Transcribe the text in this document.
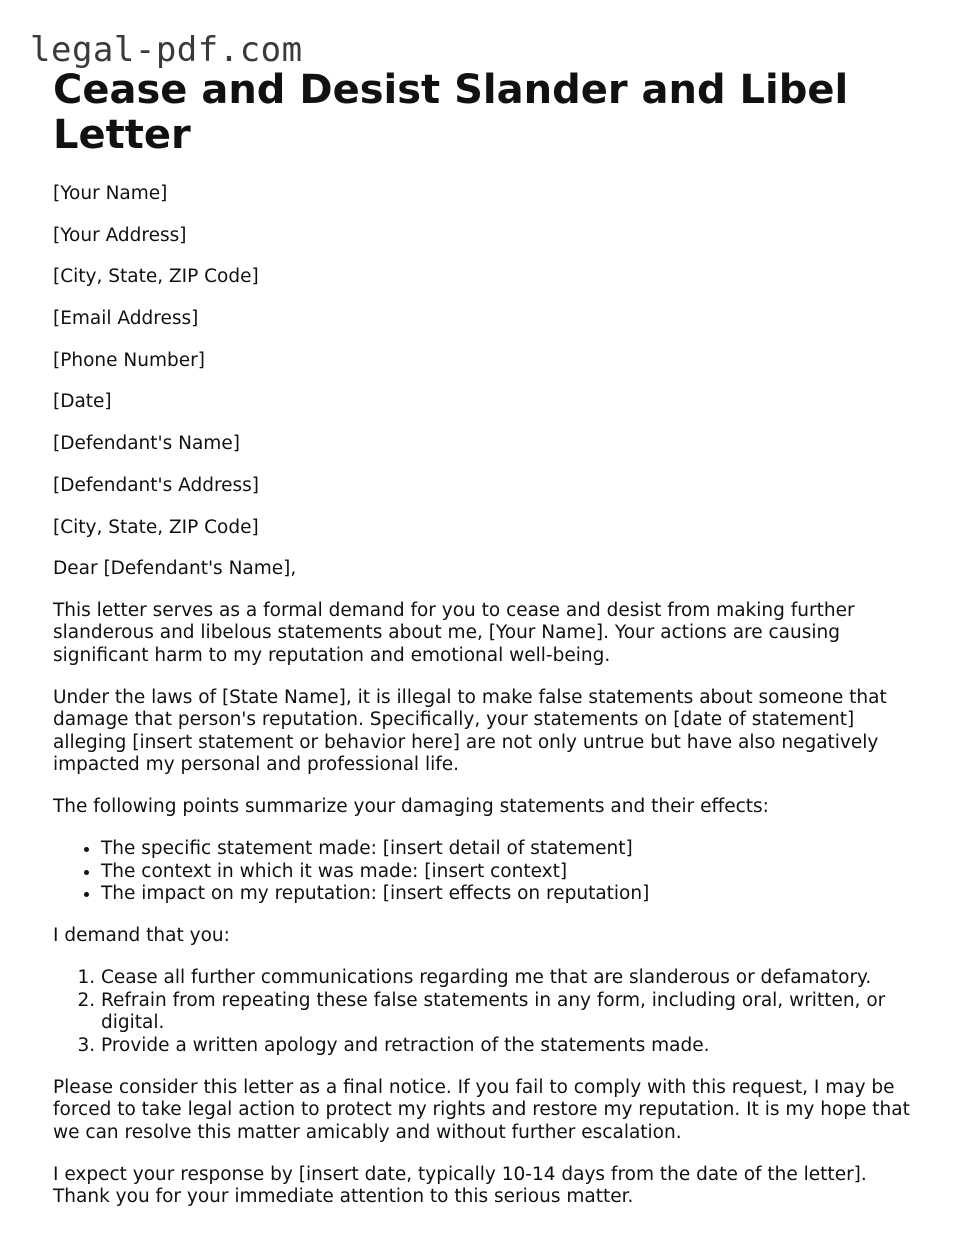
legal-pdf.com
Cease and Desist Slander and Libel Letter
[Your Name]
[Your Address]
[City, State, ZIP Code]
[Email Address]
[Phone Number]
[Date]
[Defendant's Name]
[Defendant's Address]
[City, State, ZIP Code]
Dear [Defendant's Name],

This letter serves as a formal demand for you to cease and desist from making further slanderous and libelous statements about me, [Your Name]. Your actions are causing significant harm to my reputation and emotional well-being.

Under the laws of [State Name], it is illegal to make false statements about someone that damage that person's reputation. Specifically, your statements on [date of statement] alleging [insert statement or behavior here] are not only untrue but have also negatively impacted my personal and professional life.

The following points summarize your damaging statements and their effects:

• The specific statement made: [insert detail of statement]
• The context in which it was made: [insert context]
• The impact on my reputation: [insert effects on reputation]

I demand that you:

1. Cease all further communications regarding me that are slanderous or defamatory.
2. Refrain from repeating these false statements in any form, including oral, written, or digital.
3. Provide a written apology and retraction of the statements made.

Please consider this letter as a final notice. If you fail to comply with this request, I may be forced to take legal action to protect my rights and restore my reputation. It is my hope that we can resolve this matter amicably and without further escalation.

I expect your response by [insert date, typically 10-14 days from the date of the letter]. Thank you for your immediate attention to this serious matter.
